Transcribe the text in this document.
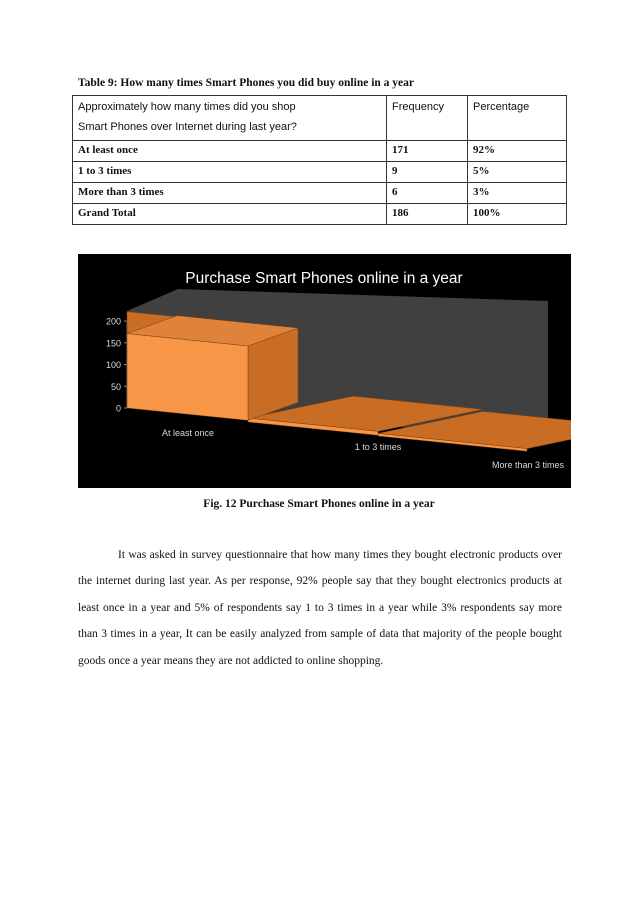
Table 9: How many times Smart Phones you did buy online in a year
Approximately how many times did you shop
Smart Phones over Internet during last year?	Frequency	Percentage
At least once	171	92%
1 to 3 times	9	5%
More than 3 times	6	3%
Grand Total	186	100%
Purchase Smart Phones online in a year
0
50
100
150
200
At least once
1 to 3 times
More than 3 times
Fig. 12 Purchase Smart Phones online in a year

It was asked in survey questionnaire that how many times they bought electronic products over the internet during last year. As per response, 92% people say that they bought electronics products at least once in a year and 5% of respondents say 1 to 3 times in a year while 3% respondents say more than 3 times in a year, It can be easily analyzed from sample of data that majority of the people bought goods once a year means they are not addicted to online shopping.
